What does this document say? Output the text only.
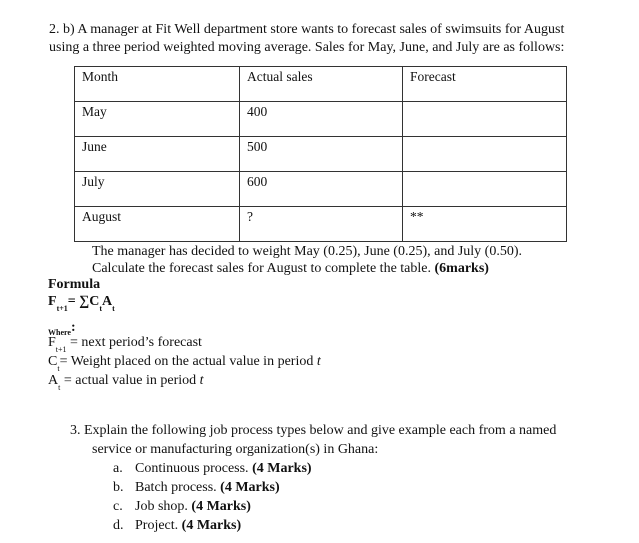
2. b) A manager at Fit Well department store wants to forecast sales of swimsuits for August
using a three period weighted moving average. Sales for May, June, and July are as follows:
Month	Actual sales	Forecast
May	400	
June	500	
July	600	
August	?	**
The manager has decided to weight May (0.25), June (0.25), and July (0.50).
Calculate the forecast sales for August to complete the table. (6marks)
Formula
$F_{t+1}= \sum C_tA_t$
Where:
$F_{t+1}$ = next period’s forecast
$C_t=$ Weight placed on the actual value in period t
$A_t$ = actual value in period t
3. Explain the following job process types below and give example each from a named
service or manufacturing organization(s) in Ghana:
a. Continuous process. (4 Marks)
b. Batch process. (4 Marks)
c. Job shop. (4 Marks)
d. Project. (4 Marks)
